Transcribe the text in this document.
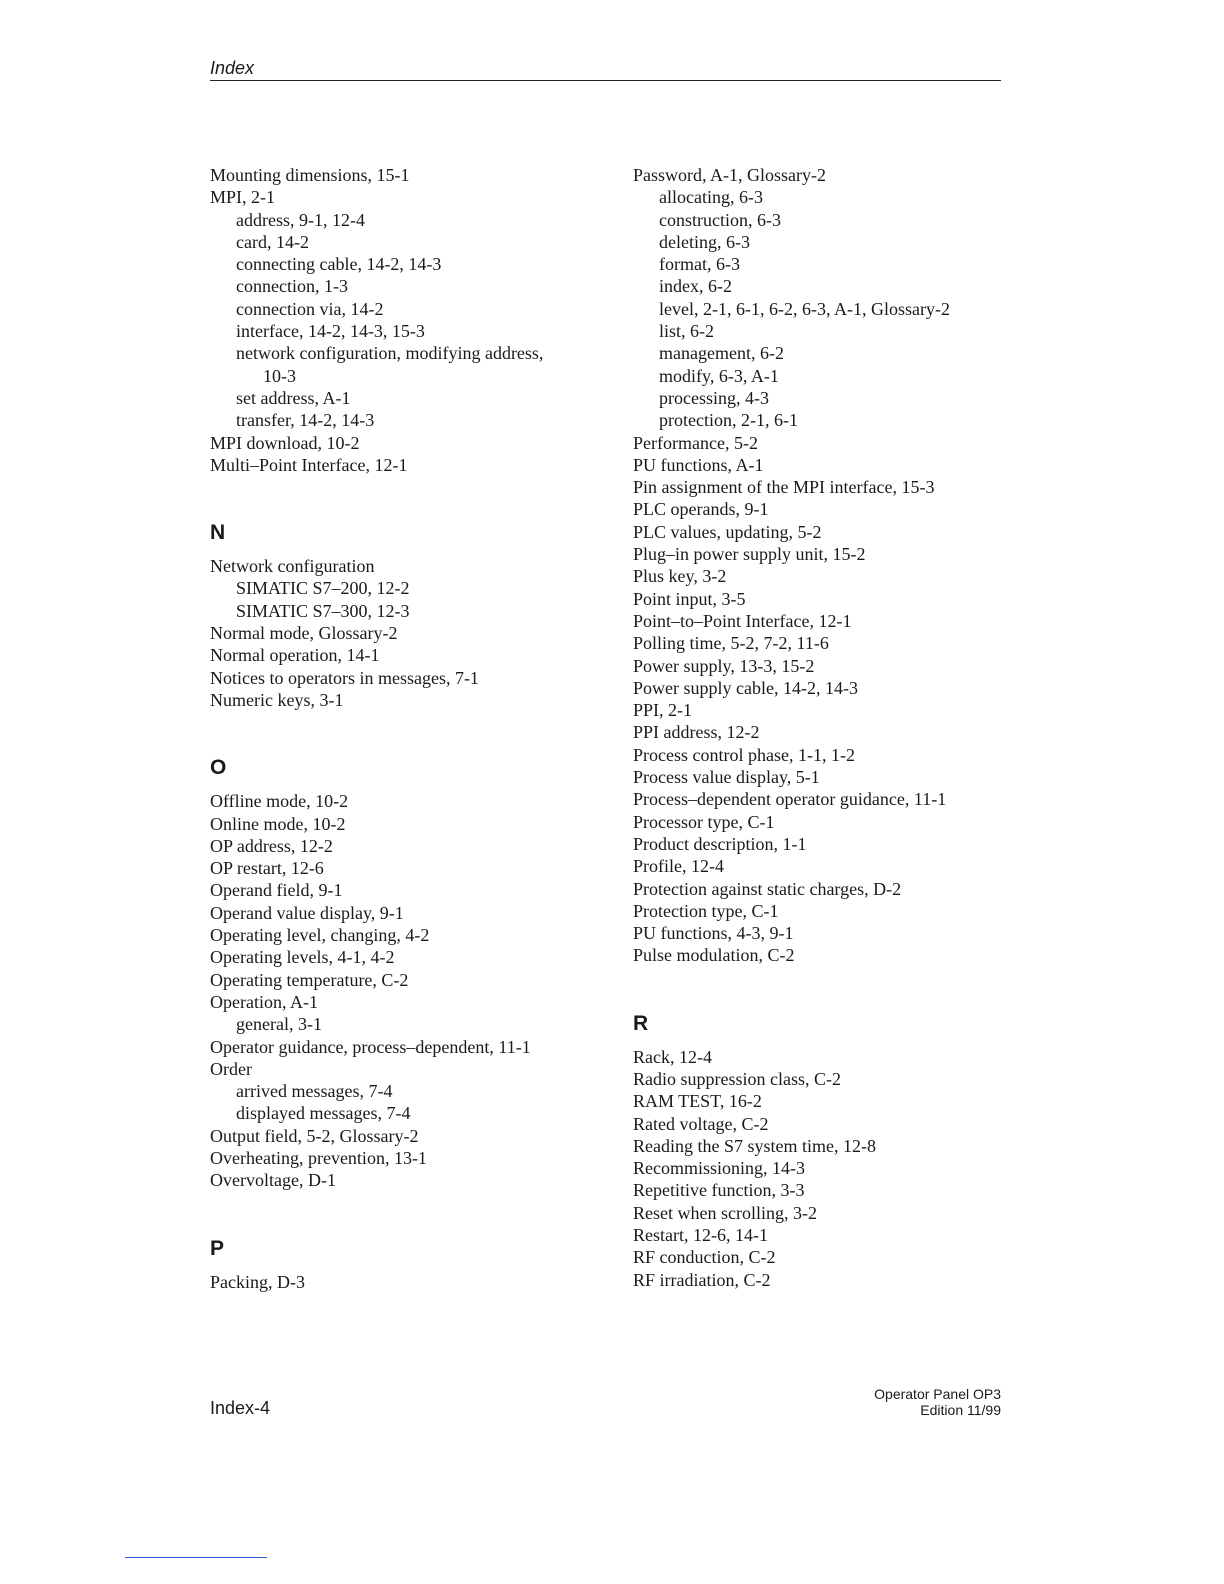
Index
Mounting dimensions, 15-1
MPI, 2-1
address, 9-1, 12-4
card, 14-2
connecting cable, 14-2, 14-3
connection, 1-3
connection via, 14-2
interface, 14-2, 14-3, 15-3
network configuration, modifying address,
10-3
set address, A-1
transfer, 14-2, 14-3
MPI download, 10-2
Multi–Point Interface, 12-1
N
Network configuration
SIMATIC S7–200, 12-2
SIMATIC S7–300, 12-3
Normal mode, Glossary-2
Normal operation, 14-1
Notices to operators in messages, 7-1
Numeric keys, 3-1
O
Offline mode, 10-2
Online mode, 10-2
OP address, 12-2
OP restart, 12-6
Operand field, 9-1
Operand value display, 9-1
Operating level, changing, 4-2
Operating levels, 4-1, 4-2
Operating temperature, C-2
Operation, A-1
general, 3-1
Operator guidance, process–dependent, 11-1
Order
arrived messages, 7-4
displayed messages, 7-4
Output field, 5-2, Glossary-2
Overheating, prevention, 13-1
Overvoltage, D-1
P
Packing, D-3
Password, A-1, Glossary-2
allocating, 6-3
construction, 6-3
deleting, 6-3
format, 6-3
index, 6-2
level, 2-1, 6-1, 6-2, 6-3, A-1, Glossary-2
list, 6-2
management, 6-2
modify, 6-3, A-1
processing, 4-3
protection, 2-1, 6-1
Performance, 5-2
PU functions, A-1
Pin assignment of the MPI interface, 15-3
PLC operands, 9-1
PLC values, updating, 5-2
Plug–in power supply unit, 15-2
Plus key, 3-2
Point input, 3-5
Point–to–Point Interface, 12-1
Polling time, 5-2, 7-2, 11-6
Power supply, 13-3, 15-2
Power supply cable, 14-2, 14-3
PPI, 2-1
PPI address, 12-2
Process control phase, 1-1, 1-2
Process value display, 5-1
Process–dependent operator guidance, 11-1
Processor type, C-1
Product description, 1-1
Profile, 12-4
Protection against static charges, D-2
Protection type, C-1
PU functions, 4-3, 9-1
Pulse modulation, C-2
R
Rack, 12-4
Radio suppression class, C-2
RAM TEST, 16-2
Rated voltage, C-2
Reading the S7 system time, 12-8
Recommissioning, 14-3
Repetitive function, 3-3
Reset when scrolling, 3-2
Restart, 12-6, 14-1
RF conduction, C-2
RF irradiation, C-2
Index-4
Operator Panel OP3
Edition 11/99
